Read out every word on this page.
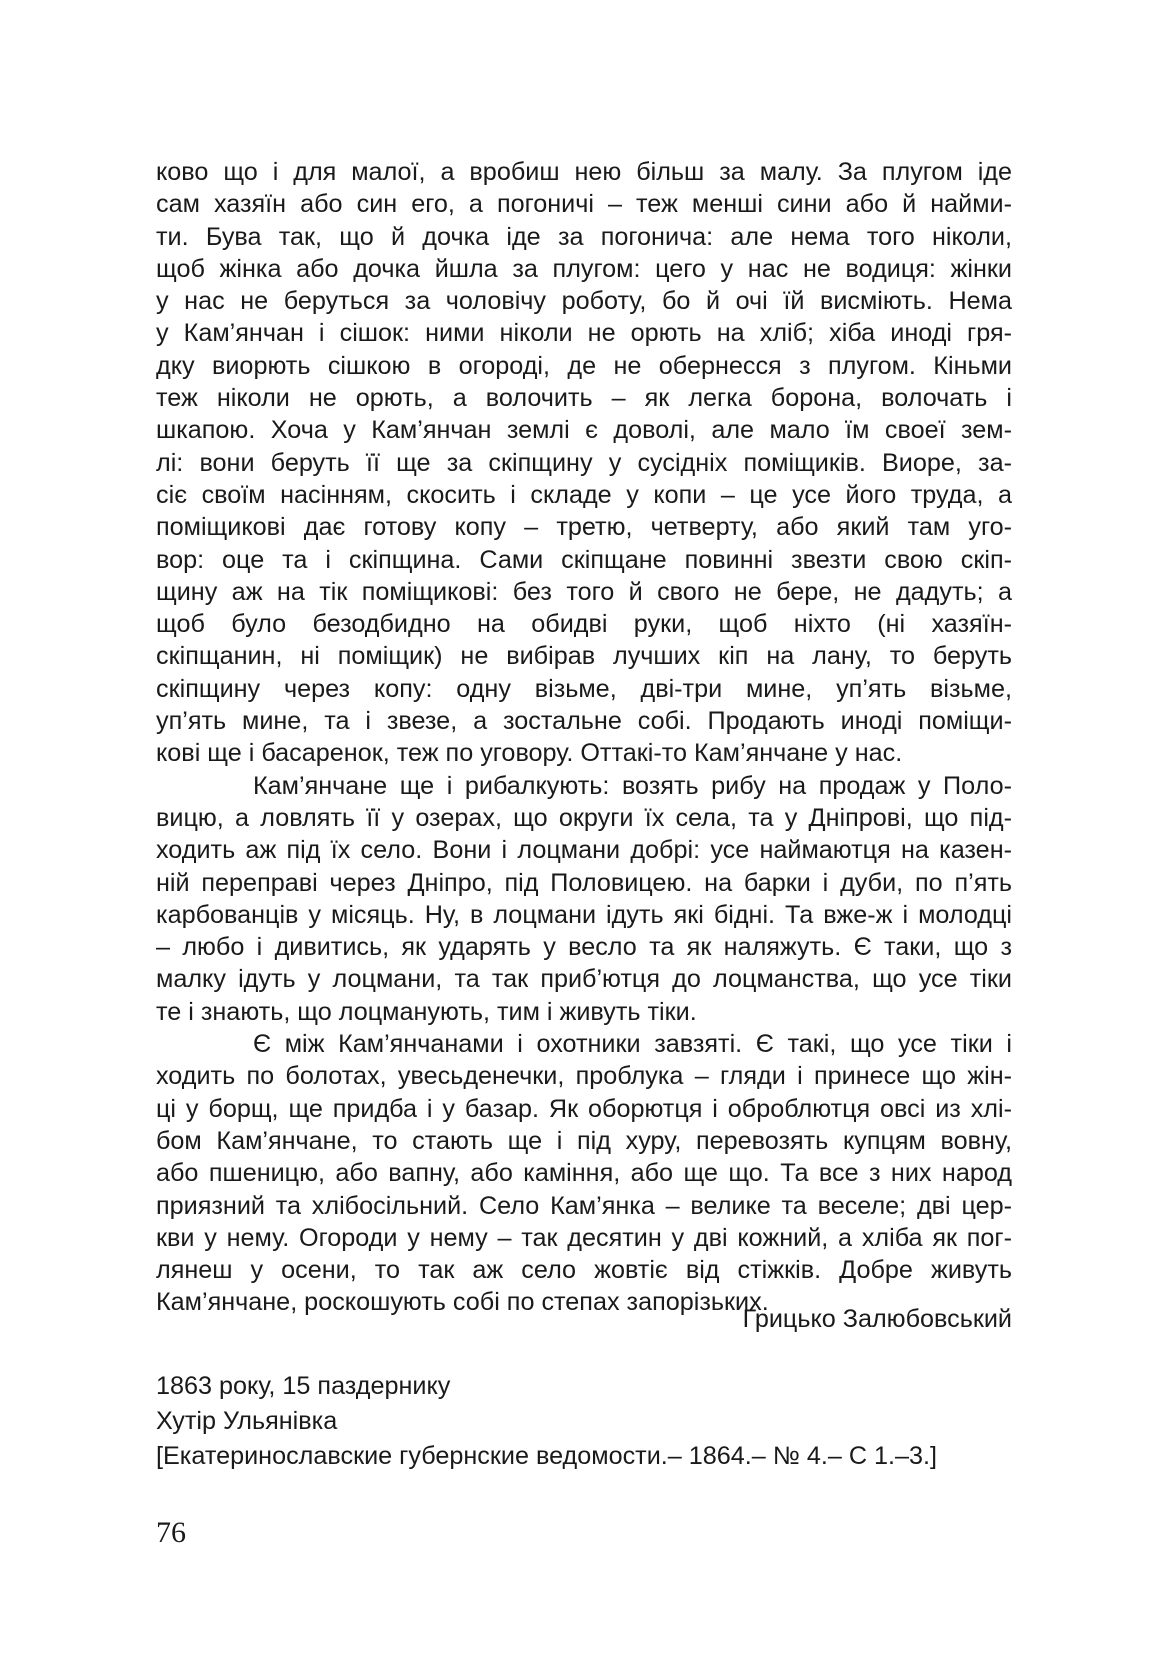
ково що і для малої, а вробиш нею більш за малу. За плугом іде
сам хазяїн або син его, а погоничі – теж менші сини або й найми-
ти. Бува так, що й дочка іде за погонича: але нема того ніколи,
щоб жінка або дочка йшла за плугом: цего у нас не водиця: жінки
у нас не беруться за чоловічу роботу, бо й очі їй висміють. Нема
у Кам’янчан і сішок: ними ніколи не орють на хліб; хіба иноді гря-
дку виорють сішкою в огороді, де не обернесся з плугом. Кіньми
теж ніколи не орють, а волочить – як легка борона, волочать і
шкапою. Хоча у Кам’янчан землі є доволі, але мало їм своеї зем-
лі: вони беруть її ще за скіпщину у сусідніх поміщиків. Виоре, за-
сіє своїм насінням, скосить і складе у копи – це усе його труда, а
поміщикові дає готову копу – третю, четверту, або який там уго-
вор: оце та і скіпщина. Сами скіпщане повинні звезти свою скіп-
щину аж на тік поміщикові: без того й свого не бере, не дадуть; а
щоб було безодбидно на обидві руки, щоб ніхто (ні хазяїн-
скіпщанин, ні поміщик) не вибірав лучших кіп на лану, то беруть
скіпщину через копу: одну візьме, дві-три мине, уп’ять візьме,
уп’ять мине, та і звезе, а зостальне собі. Продають иноді поміщи-
кові ще і басаренок, теж по уговору. Оттакі-то Кам’янчане у нас.
Кам’янчане ще і рибалкують: возять рибу на продаж у Поло-
вицю, а ловлять її у озерах, що округи їх села, та у Дніпрові, що під-
ходить аж під їх село. Вони і лоцмани добрі: усе наймаютця на казен-
ній переправі через Дніпро, під Половицею. на барки і дуби, по п’ять
карбованців у місяць. Ну, в лоцмани ідуть які бідні. Та вже-ж і молодці
– любо і дивитись, як ударять у весло та як наляжуть. Є таки, що з
малку ідуть у лоцмани, та так приб’ютця до лоцманства, що усе тіки
те і знають, що лоцманують, тим і живуть тіки.
Є між Кам’янчанами і охотники завзяті. Є такі, що усе тіки і
ходить по болотах, увесьденечки, проблука – гляди і принесе що жін-
ці у борщ, ще придба і у базар. Як оборютця і оброблютця овсі из хлі-
бом Кам’янчане, то стають ще і під хуру, перевозять купцям вовну,
або пшеницю, або вапну, або каміння, або ще що. Та все з них народ
приязний та хлібосільний. Село Кам’янка – велике та веселе; дві цер-
кви у нему. Огороди у нему – так десятин у дві кожний, а хліба як пог-
лянеш у осени, то так аж село жовтіє від стіжків. Добре живуть
Кам’янчане, роскошують собі по степах запорізьких.
Грицько Залюбовський
1863 року, 15 паздернику
Хутір Ульянівка
[Екатеринославские губернские ведомости.– 1864.– № 4.– С 1.–3.]
76
